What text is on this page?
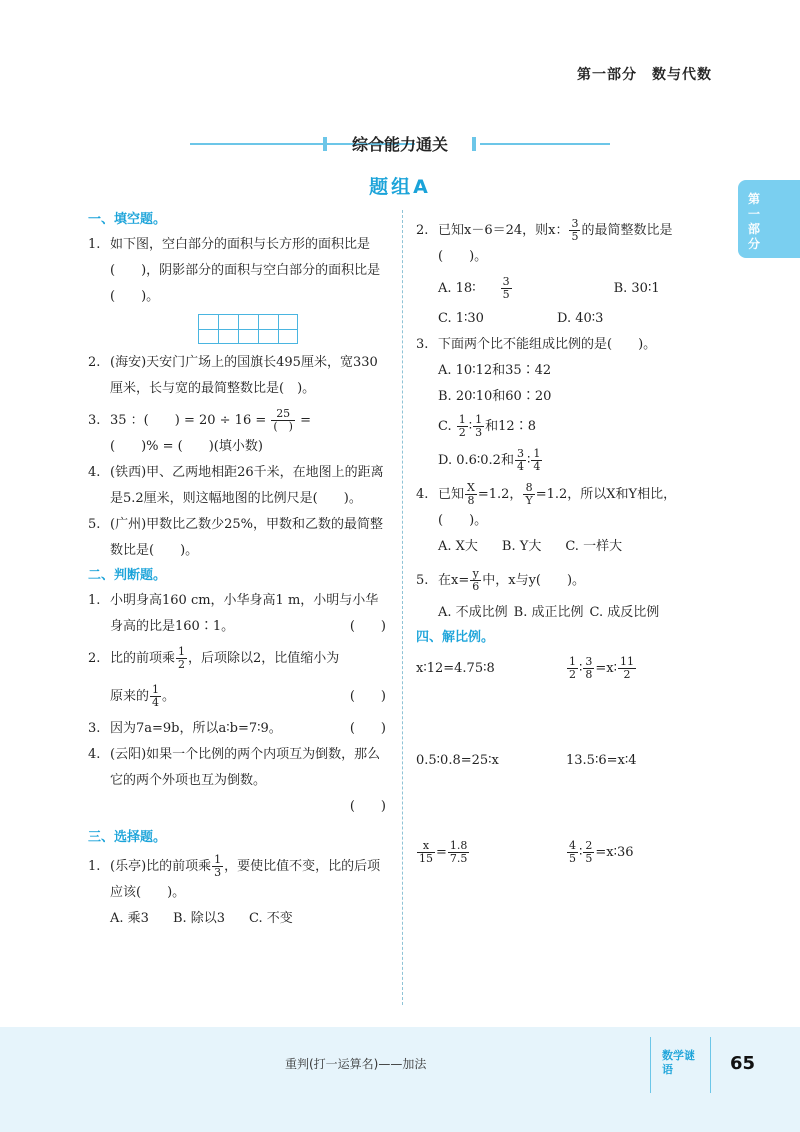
第一部分　数与代数
综合能力通关
题组A
第一部分
一、填空题。
1. 如下图，空白部分的面积与长方形的面积比是(　　)，阴影部分的面积与空白部分的面积比是(　　)。
2. (海安)天安门广场上的国旗长495厘米，宽330厘米，长与宽的最简整数比是(　)。
3. 35 ：(　　) = $20 \div 16 = \frac{25}{( )}$ =
(　　)% = (　　)(填小数)
4. (铁西)甲、乙两地相距26千米，在地图上的距离是5.2厘米，则这幅地图的比例尺是(　　)。
5. (广州)甲数比乙数少25%，甲数和乙数的最简整数比是(　　)。
二、判断题。
1. 小明身高160 cm，小华身高1 m，小明与小华身高的比是160∶1。	(　　)
2. 比的前项乘 $\frac{1}{2}$ ，后项除以2，比值缩小为
原来的 $\frac{1}{4}$ 。	(　　)
3. 因为7a=9b，所以a∶b=7∶9。	(　　)
4. (云阳)如果一个比例的两个内项互为倒数，那么它的两个外项也互为倒数。
(　　)
三、选择题。
1. (乐亭)比的前项乘 $\frac{1}{3}$ ，要使比值不变，比的后项应该(　　)。
A. 乘3 B. 除以3 C. 不变
2. 已知x－6＝24，则x： $\frac{3}{5}$ 的最简整数比是(　　)。
A. 18∶ $\frac{3}{5}$	B. 30∶1
C. 1∶30	D. 40∶3
3. 下面两个比不能组成比例的是(　　)。
A. 10∶12和35∶42
B. 20∶10和60∶20
C. $\frac{1}{2}$ ∶ $\frac{1}{3}$ 和12∶8
D. 0.6∶0.2和 $\frac{3}{4}$ ∶ $\frac{1}{4}$
4. 已知 $\frac{X}{8} =1.2$， $\frac{8}{Y} =1.2$，所以X和Y相比，(　　)。
A. X大 B. Y大 C. 一样大
5. 在$x= \frac{y}{6}$ 中，x与y(　　)。
A. 不成比例 B. 成正比例 C. 成反比例
四、解比例。
x∶12=4.75∶8	$\frac{1}{2}$ ∶ $\frac{3}{8}$ =x∶ $\frac{11}{2}$
0.5∶0.8=25∶x	13.5∶6=x∶4
$\frac{x}{15} = \frac{1.8}{7.5}$	$\frac{4}{5}$ ∶ $\frac{2}{5}$ =x∶36
重判(打一运算名)——加法
数学谜语	65
